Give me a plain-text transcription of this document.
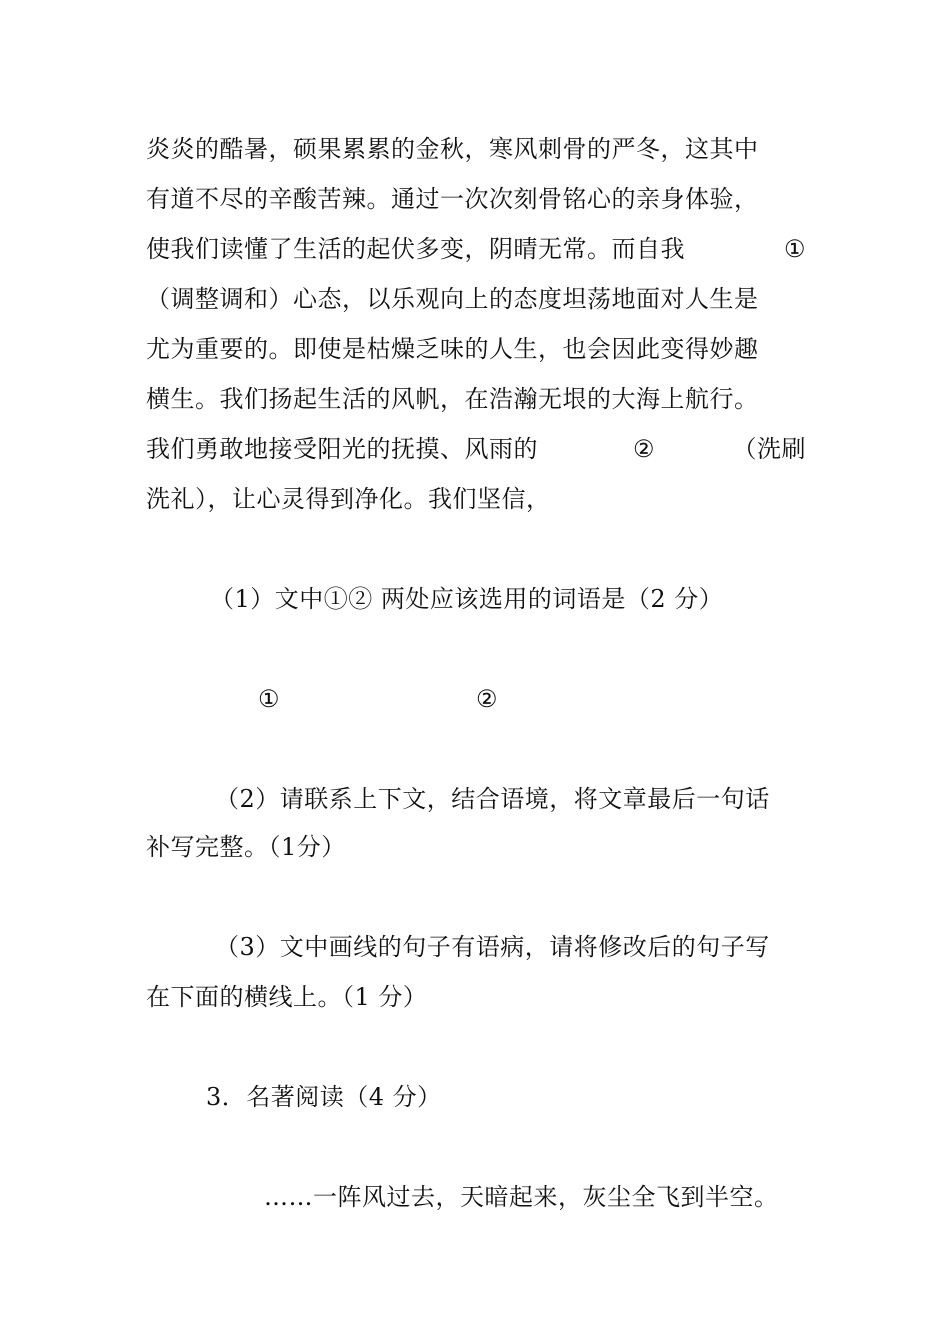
炎炎的酷暑，硕果累累的金秋，寒风刺骨的严冬，这其中
有道不尽的辛酸苦辣。通过一次次刻骨铭心的亲身体验，
使我们读懂了生活的起伏多变，阴晴无常。而自我	①
（调整调和）心态，以乐观向上的态度坦荡地面对人生是
尤为重要的。即使是枯燥乏味的人生，也会因此变得妙趣
横生。我们扬起生活的风帆，在浩瀚无垠的大海上航行。
我们勇敢地接受阳光的抚摸、风雨的	②	（洗刷
洗礼），让心灵得到净化。我们坚信，
（1）文中①② 两处应该选用的词语是（2 分）
①	②
（2）请联系上下文，结合语境，将文章最后一句话
补写完整。（1分）
（3）文中画线的句子有语病，请将修改后的句子写
在下面的横线上。（1 分）
3．名著阅读（4 分）
……一阵风过去，天暗起来，灰尘全飞到半空。
